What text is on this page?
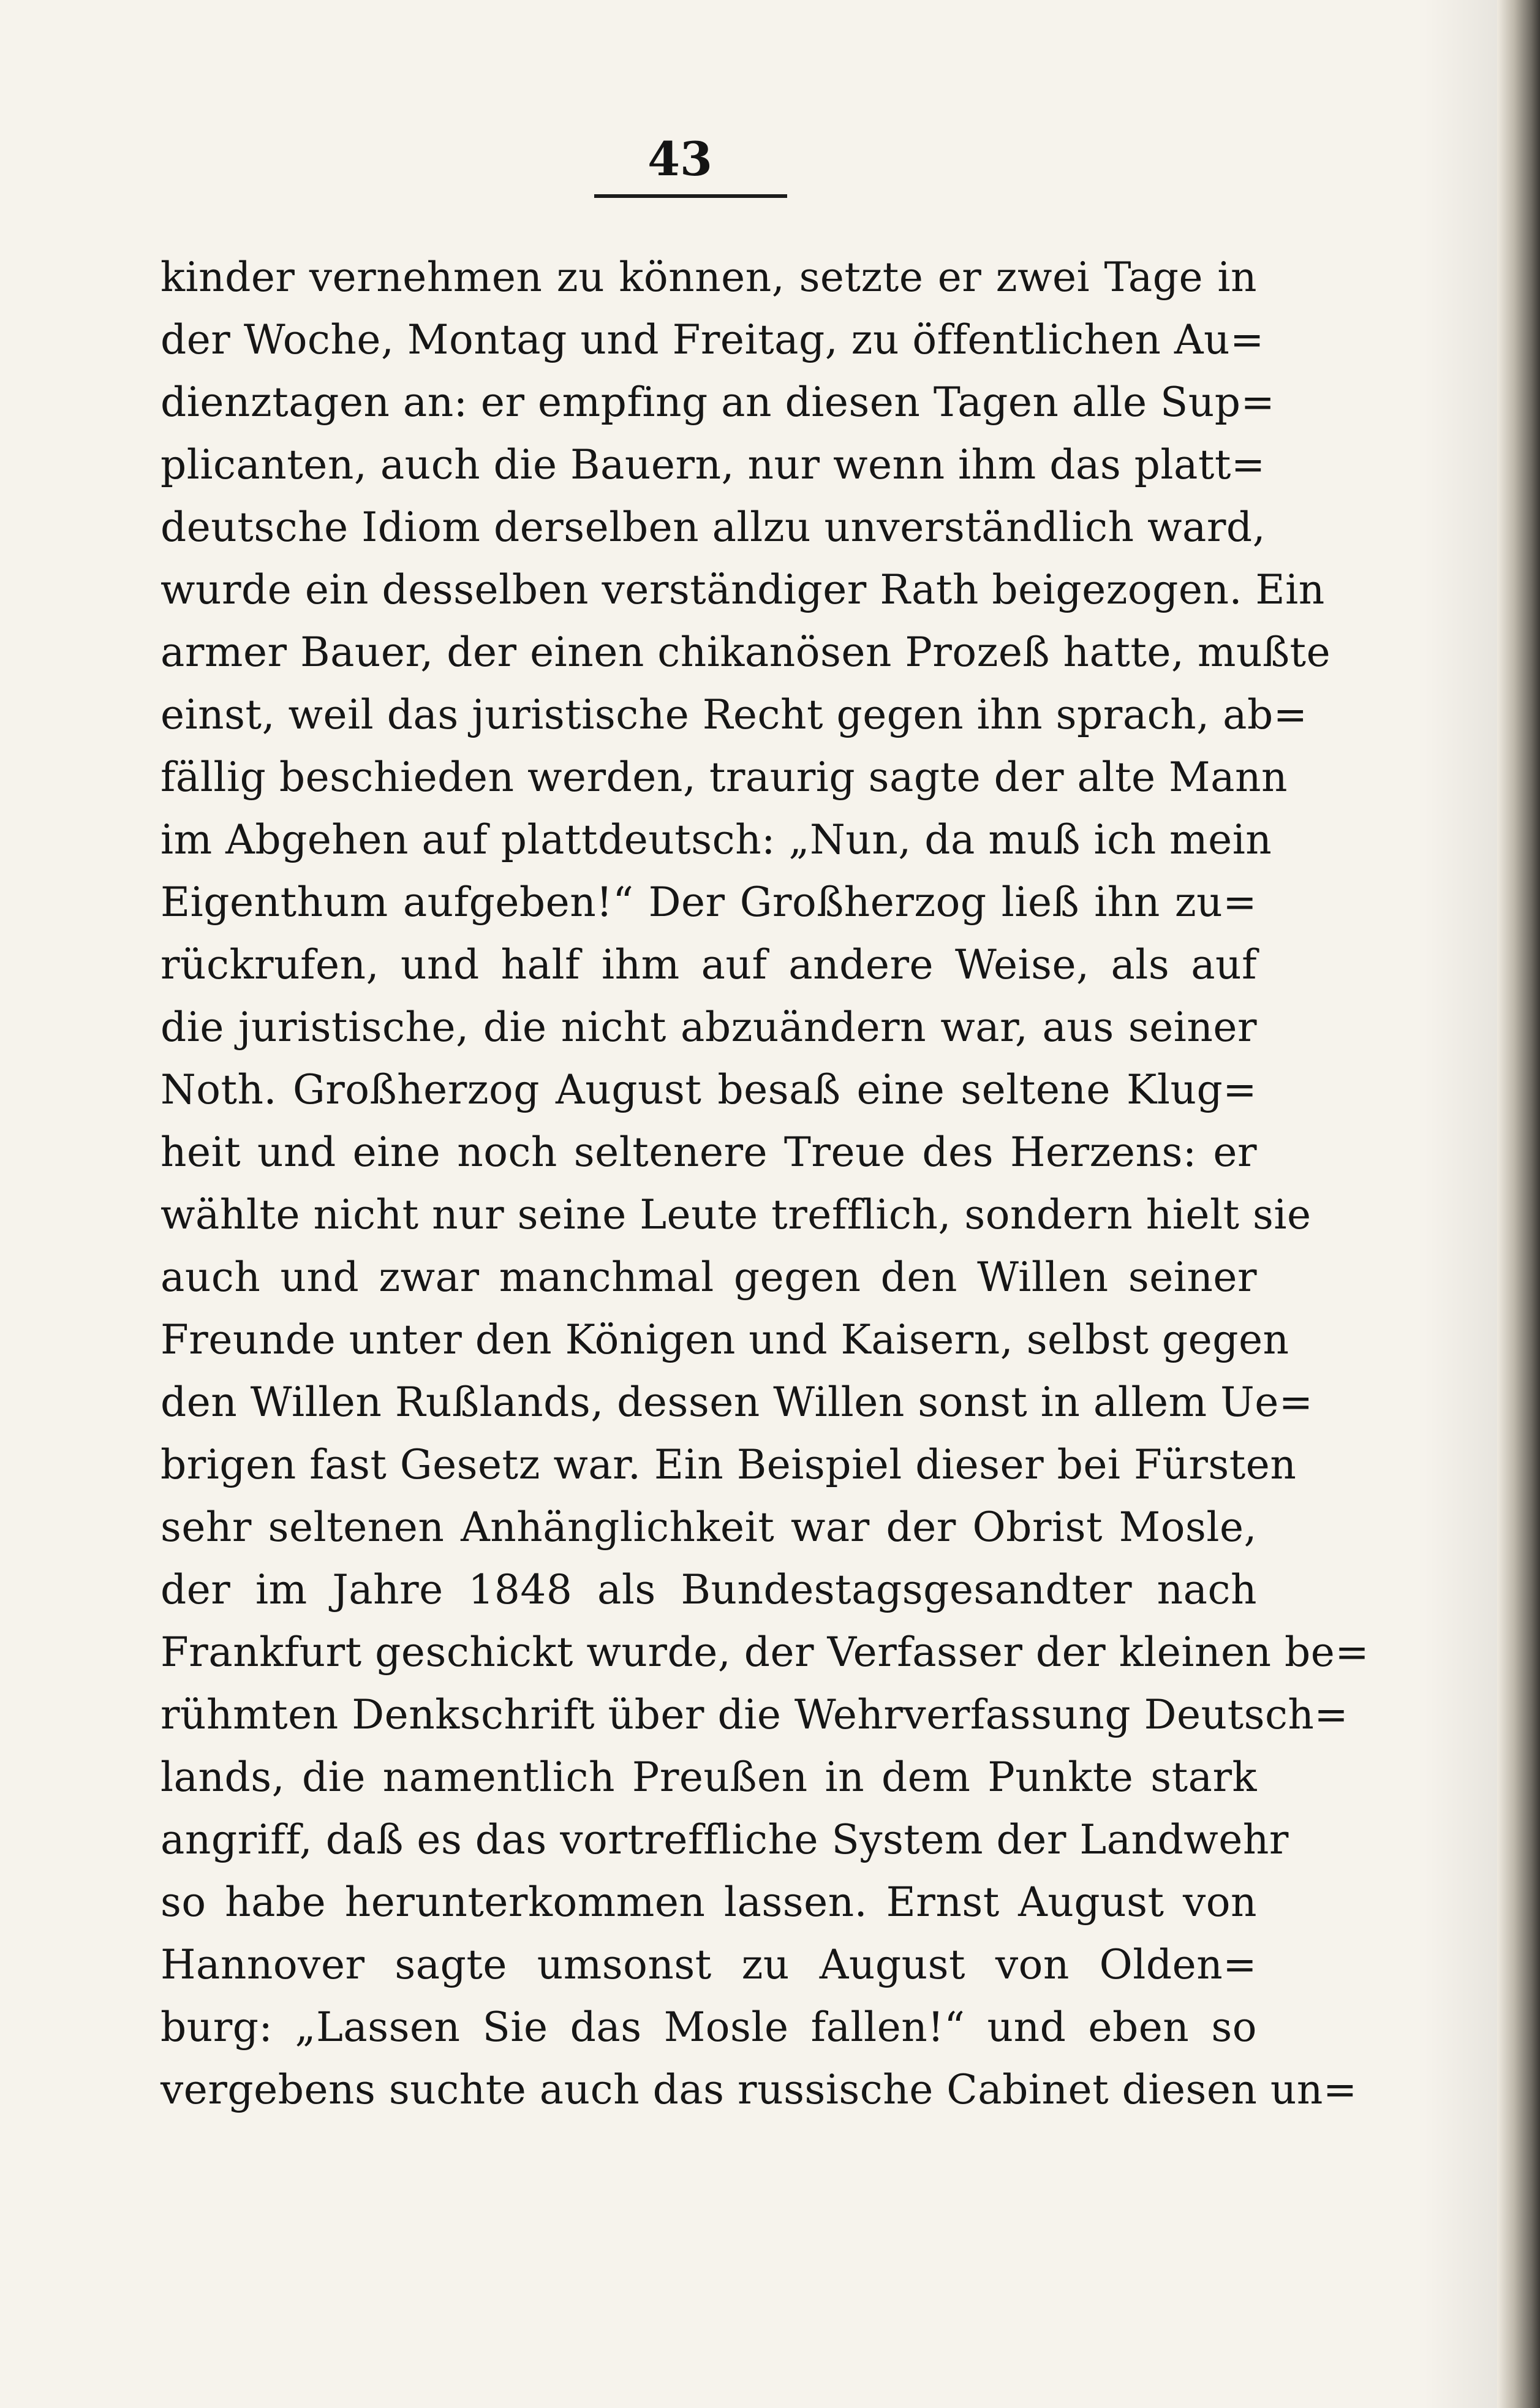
43
kinder vernehmen zu können, setzte er zwei Tage in
der Woche, Montag und Freitag, zu öffentlichen Au=
dienztagen an: er empfing an diesen Tagen alle Sup=
plicanten, auch die Bauern, nur wenn ihm das platt=
deutsche Idiom derselben allzu unverständlich ward,
wurde ein desselben verständiger Rath beigezogen. Ein
armer Bauer, der einen chikanösen Prozeß hatte, mußte
einst, weil das juristische Recht gegen ihn sprach, ab=
fällig beschieden werden, traurig sagte der alte Mann
im Abgehen auf plattdeutsch: „Nun, da muß ich mein
Eigenthum aufgeben!“ Der Großherzog ließ ihn zu=
rückrufen, und half ihm auf andere Weise, als auf
die juristische, die nicht abzuändern war, aus seiner
Noth. Großherzog August besaß eine seltene Klug=
heit und eine noch seltenere Treue des Herzens: er
wählte nicht nur seine Leute trefflich, sondern hielt sie
auch und zwar manchmal gegen den Willen seiner
Freunde unter den Königen und Kaisern, selbst gegen
den Willen Rußlands, dessen Willen sonst in allem Ue=
brigen fast Gesetz war. Ein Beispiel dieser bei Fürsten
sehr seltenen Anhänglichkeit war der Obrist Mosle,
der im Jahre 1848 als Bundestagsgesandter nach
Frankfurt geschickt wurde, der Verfasser der kleinen be=
rühmten Denkschrift über die Wehrverfassung Deutsch=
lands, die namentlich Preußen in dem Punkte stark
angriff, daß es das vortreffliche System der Landwehr
so habe herunterkommen lassen. Ernst August von
Hannover sagte umsonst zu August von Olden=
burg: „Lassen Sie das Mosle fallen!“ und eben so
vergebens suchte auch das russische Cabinet diesen un=
